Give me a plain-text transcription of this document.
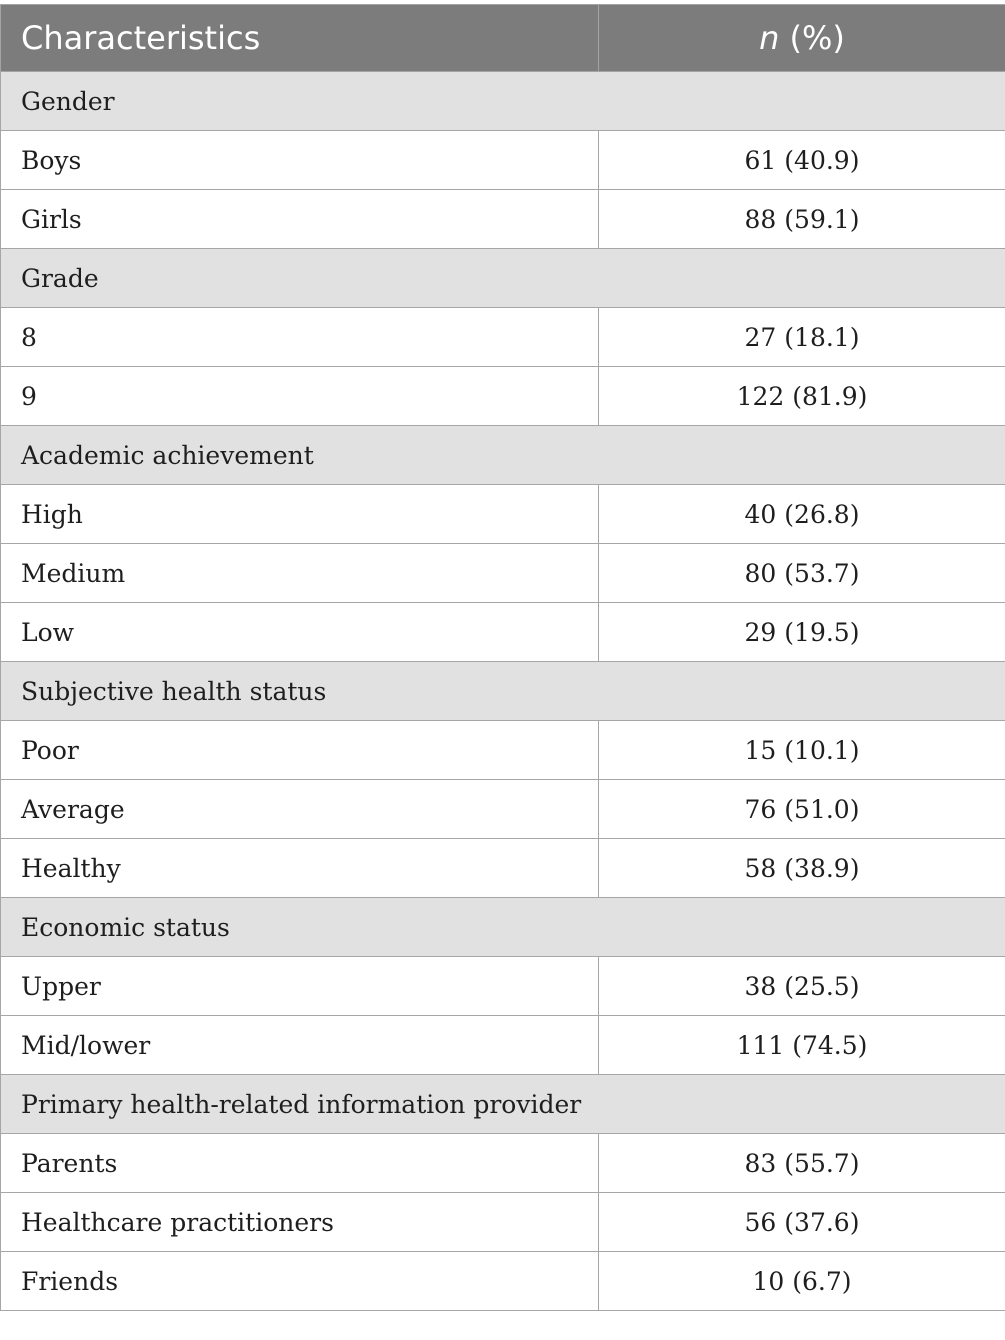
Characteristics	n (%)
Gender	
Boys	61 (40.9)
Girls	88 (59.1)
Grade	
8	27 (18.1)
9	122 (81.9)
Academic achievement	
High	40 (26.8)
Medium	80 (53.7)
Low	29 (19.5)
Subjective health status	
Poor	15 (10.1)
Average	76 (51.0)
Healthy	58 (38.9)
Economic status	
Upper	38 (25.5)
Mid/lower	111 (74.5)
Primary health-related information provider	
Parents	83 (55.7)
Healthcare practitioners	56 (37.6)
Friends	10 (6.7)
